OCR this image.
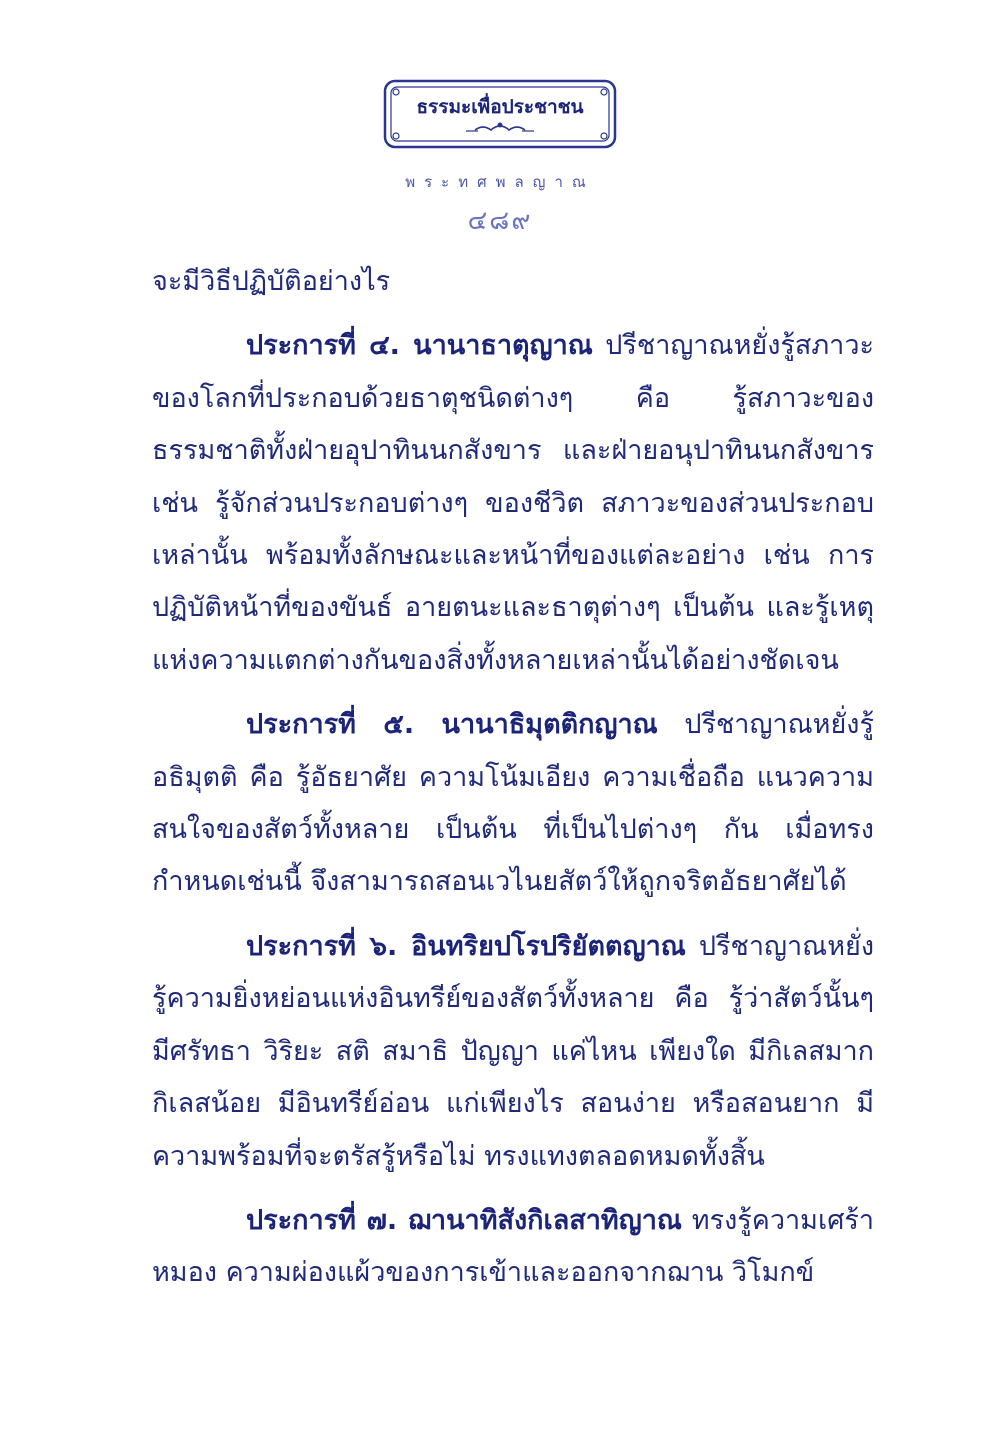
ธรรมะเพื่อประชาชน
พระทศพลญาณ
๔๘๙

จะมีวิธีปฏิบัติอย่างไร

ประการที่ ๔. นานาธาตุญาณ ปรีชาญาณหยั่งรู้สภาวะของโลกที่ประกอบด้วยธาตุชนิดต่างๆ คือ รู้สภาวะของธรรมชาติทั้งฝ่ายอุปาทินนกสังขาร และฝ่ายอนุปาทินนกสังขาร เช่น รู้จักส่วนประกอบต่างๆ ของชีวิต สภาวะของส่วนประกอบเหล่านั้น พร้อมทั้งลักษณะและหน้าที่ของแต่ละอย่าง เช่น การปฏิบัติหน้าที่ของขันธ์ อายตนะและธาตุต่างๆ เป็นต้น และรู้เหตุแห่งความแตกต่างกันของสิ่งทั้งหลายเหล่านั้นได้อย่างชัดเจน

ประการที่ ๕. นานาธิมุตติกญาณ ปรีชาญาณหยั่งรู้อธิมุตติ คือ รู้อัธยาศัย ความโน้มเอียง ความเชื่อถือ แนวความสนใจของสัตว์ทั้งหลาย เป็นต้น ที่เป็นไปต่างๆ กัน เมื่อทรงกำหนดเช่นนี้ จึงสามารถสอนเวไนยสัตว์ให้ถูกจริตอัธยาศัยได้

ประการที่ ๖. อินทริยปโรปริยัตตญาณ ปรีชาญาณหยั่งรู้ความยิ่งหย่อนแห่งอินทรีย์ของสัตว์ทั้งหลาย คือ รู้ว่าสัตว์นั้นๆ มีศรัทธา วิริยะ สติ สมาธิ ปัญญา แค่ไหน เพียงใด มีกิเลสมาก กิเลสน้อย มีอินทรีย์อ่อน แก่เพียงไร สอนง่าย หรือสอนยาก มีความพร้อมที่จะตรัสรู้หรือไม่ ทรงแทงตลอดหมดทั้งสิ้น

ประการที่ ๗. ฌานาทิสังกิเลสาทิญาณ ทรงรู้ความเศร้าหมอง ความผ่องแผ้วของการเข้าและออกจากฌาน วิโมกข์
